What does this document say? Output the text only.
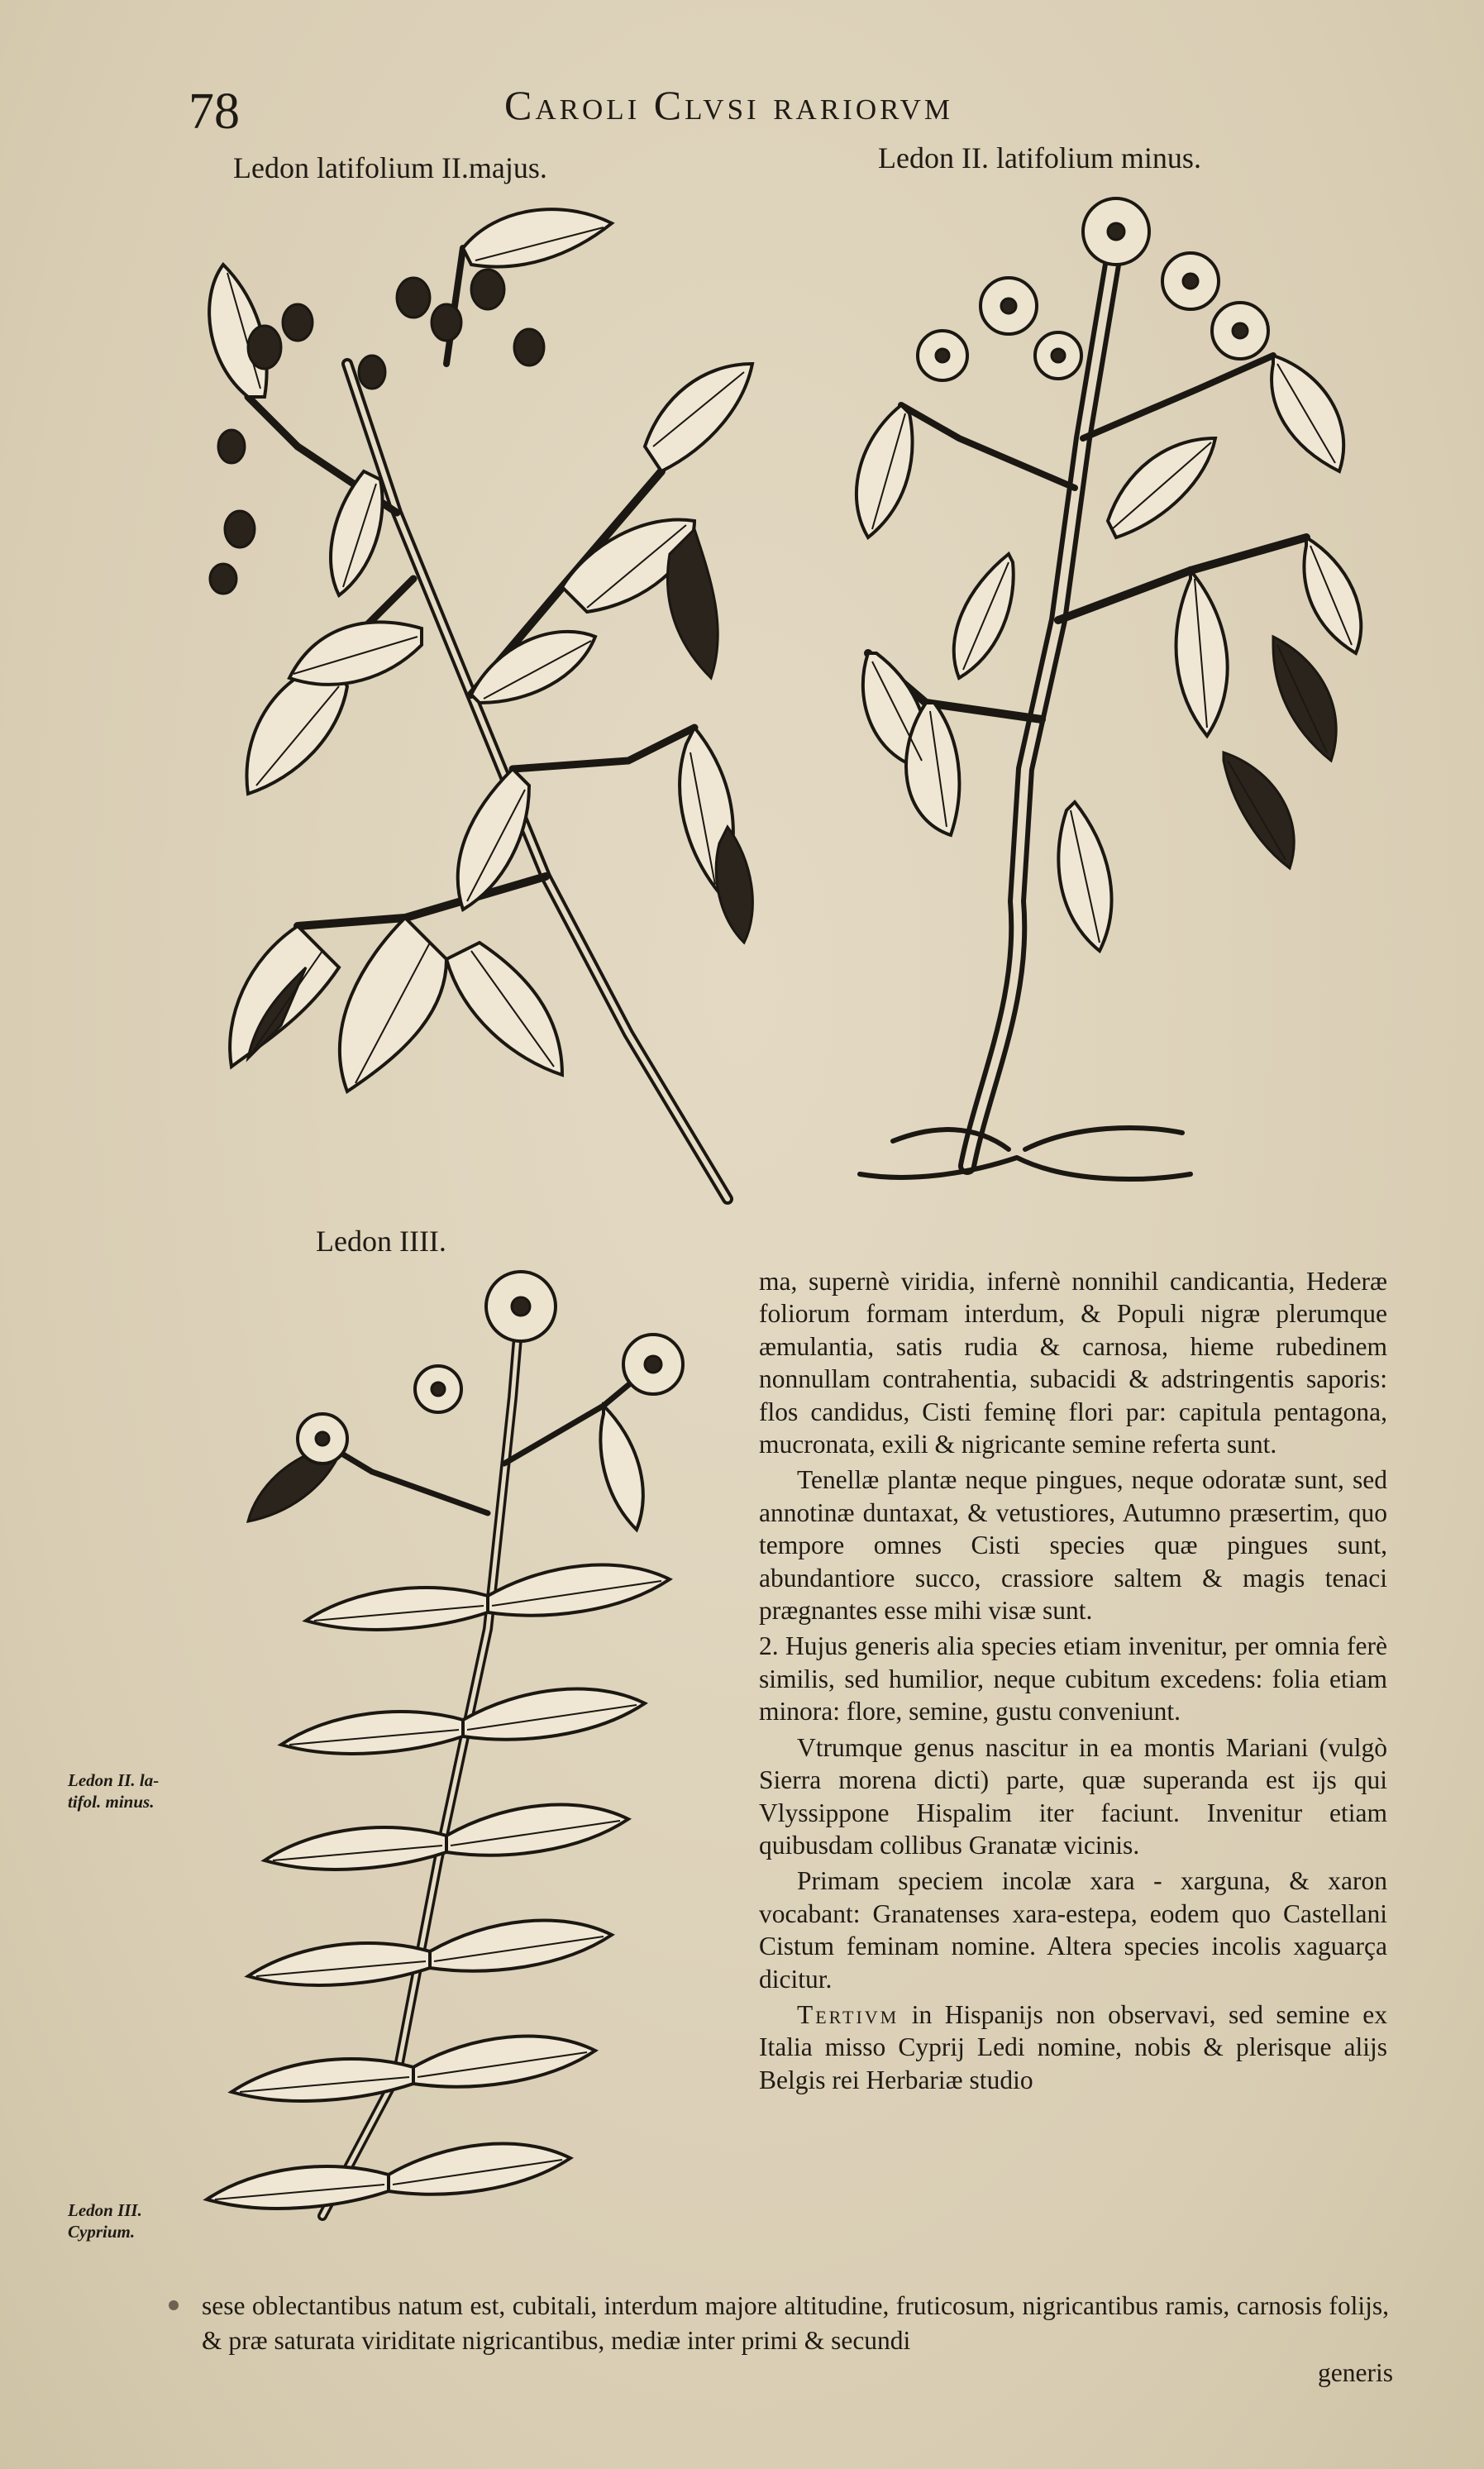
78	Caroli Clvsi rariorvm
Ledon latifolium II.majus.	Ledon II. latifolium minus.
Ledon IIII.
Ledon II. la-tifol. minus.
Ledon III. Cyprium.

ma, supernè viridia, infernè nonnihil candicantia, Hederæ foliorum formam interdum, & Populi nigræ plerumque æmulantia, satis rudia & carnosa, hieme rubedinem nonnullam contrahentia, subacidi & adstringentis saporis: flos candidus, Cisti feminę flori par: capitula pentagona, mucronata, exili & nigricante semine referta sunt.

Tenellæ plantæ neque pingues, neque odoratæ sunt, sed annotinæ duntaxat, & vetustiores, Autumno præsertim, quo tempore omnes Cisti species quæ pingues sunt, abundantiore succo, crassiore saltem & magis tenaci prægnantes esse mihi visæ sunt.

2. Hujus generis alia species etiam invenitur, per omnia ferè similis, sed humilior, neque cubitum excedens: folia etiam minora: flore, semine, gustu conveniunt.

Vtrumque genus nascitur in ea montis Mariani (vulgò Sierra morena dicti) parte, quæ superanda est ijs qui Vlyssippone Hispalim iter faciunt. Invenitur etiam quibusdam collibus Granatæ vicinis.

Primam speciem incolæ xara - xarguna, & xaron vocabant: Granatenses xara-estepa, eodem quo Castellani Cistum feminam nomine. Altera species incolis xaguarça dicitur.

Tertivm in Hispanijs non observavi, sed semine ex Italia misso Cyprij Ledi nomine, nobis & plerisque alijs Belgis rei Herbariæ studio

sese oblectantibus natum est, cubitali, interdum majore altitudine, fruticosum, nigricantibus ramis, carnosis folijs, & præ saturata viriditate nigricantibus, mediæ inter primi & secundi
generis
